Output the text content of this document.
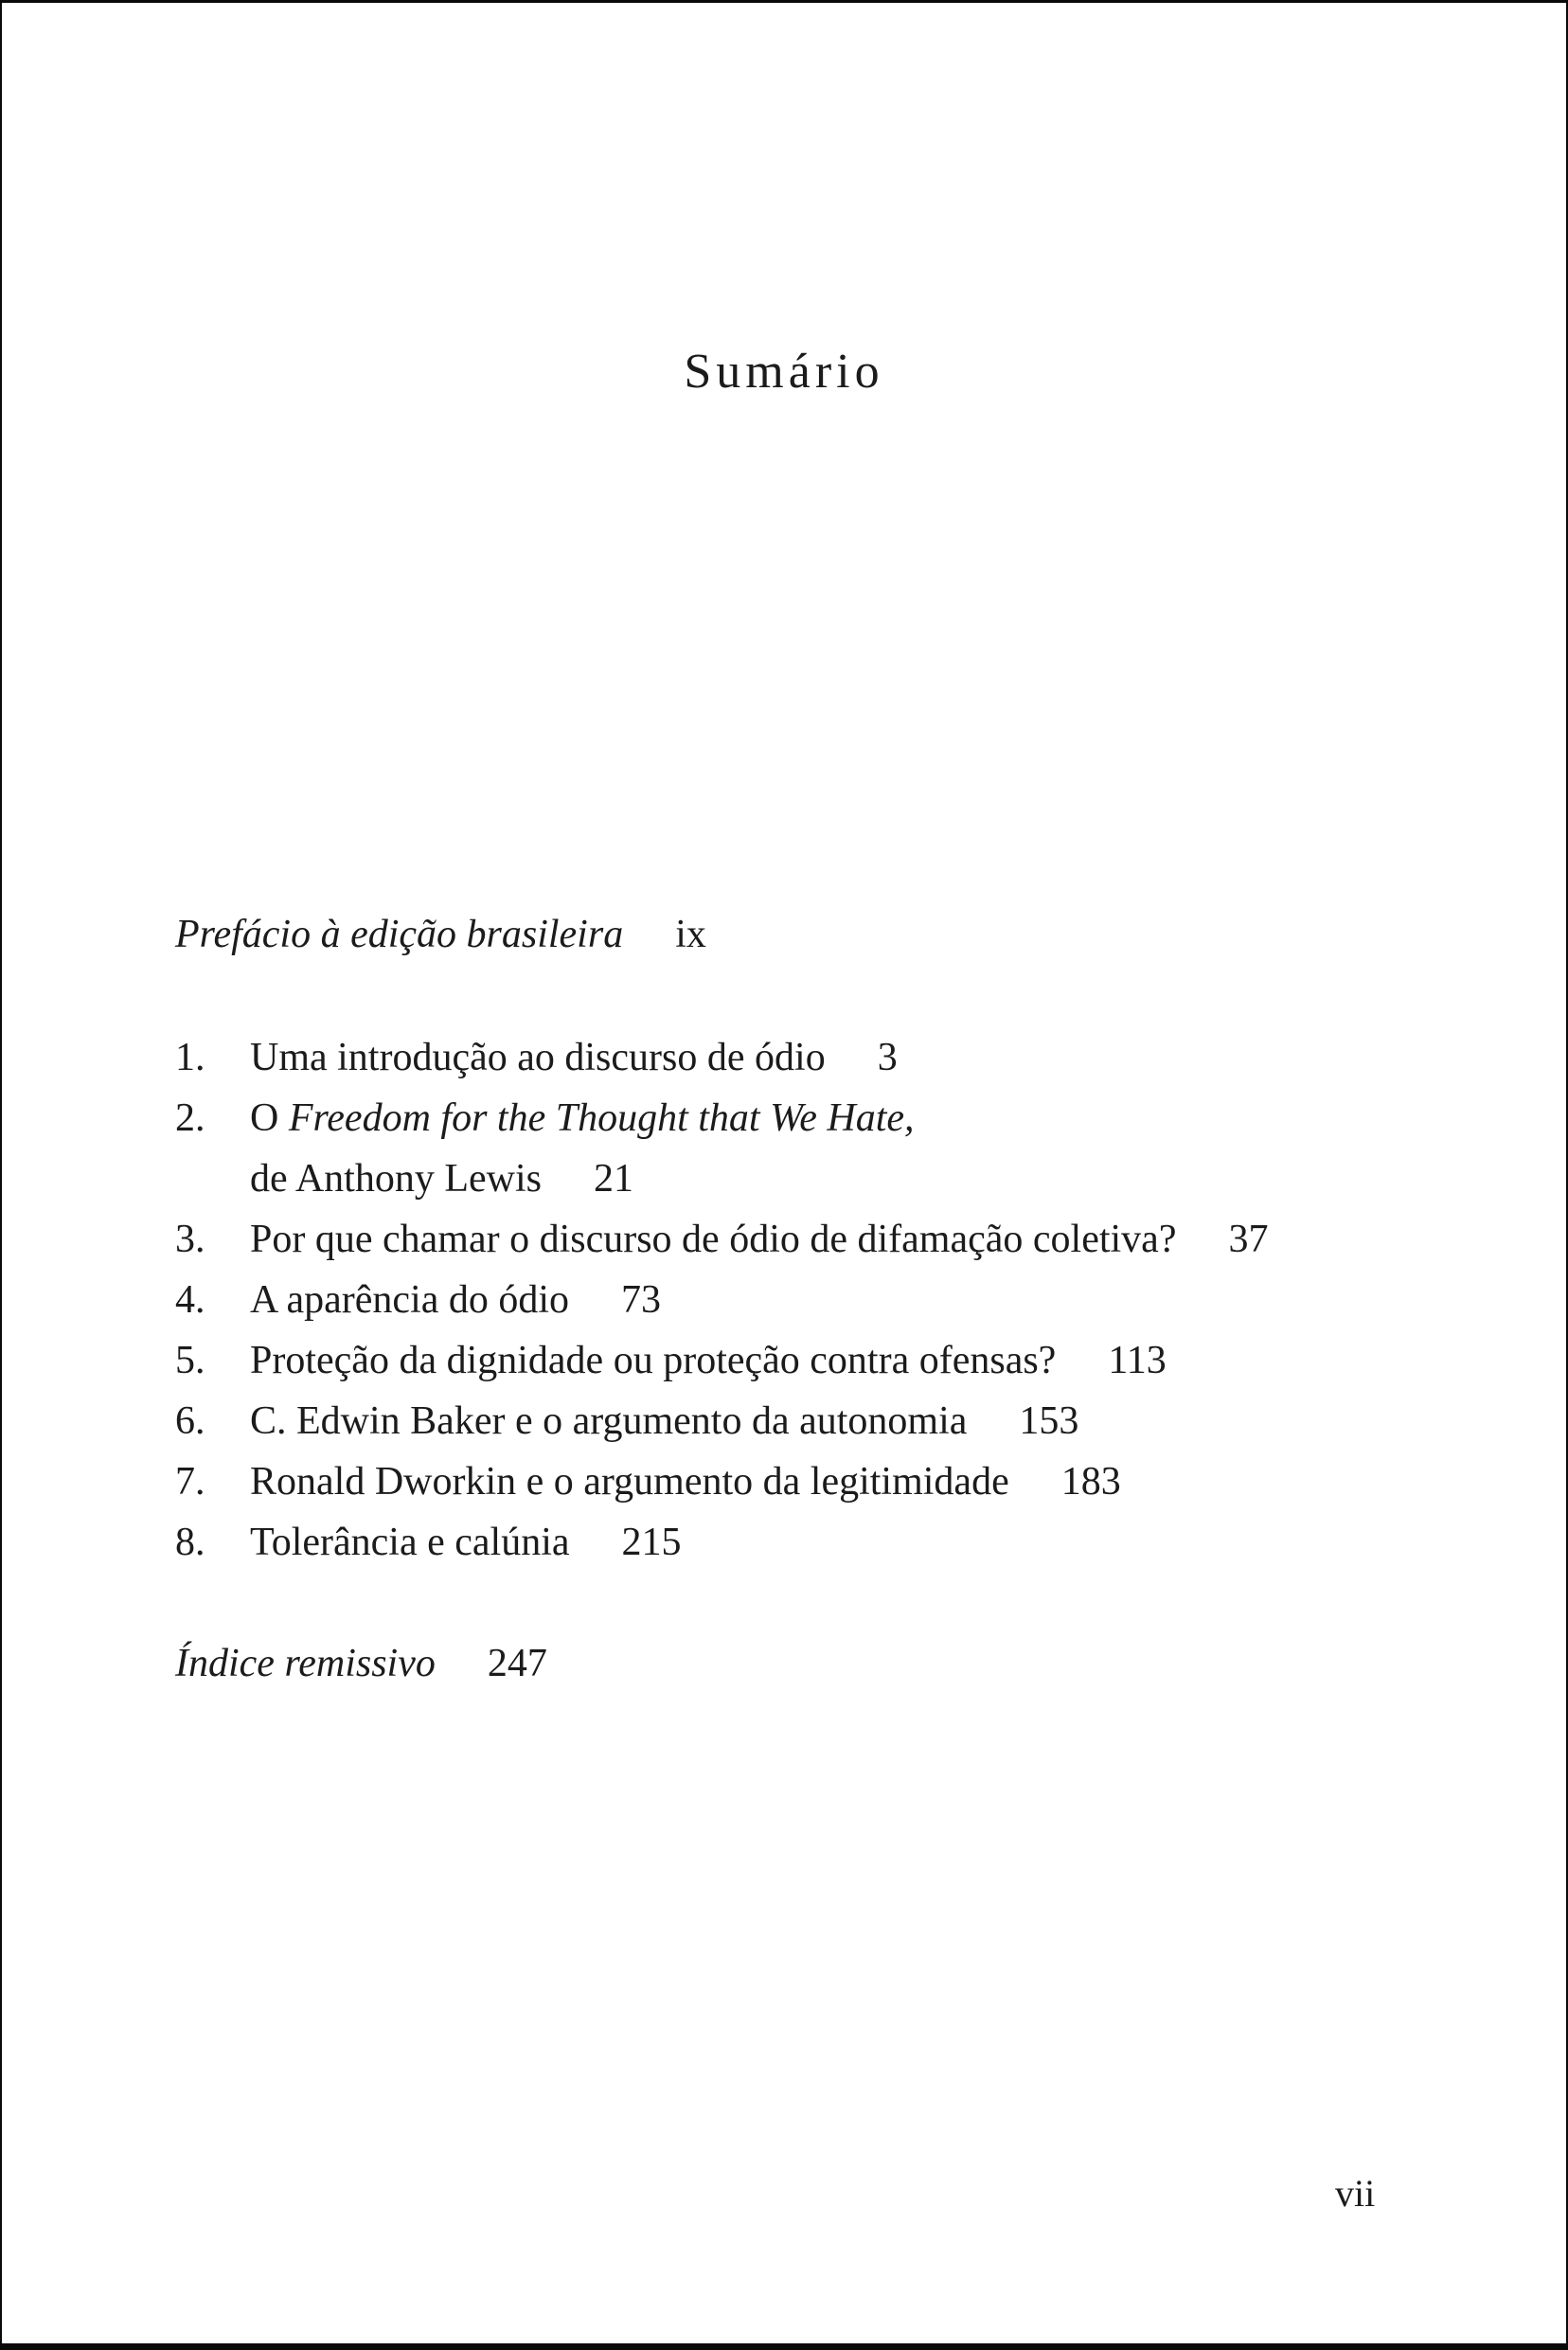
Sumário
Prefácio à edição brasileira ix
1.	Uma introdução ao discurso de ódio 3
2.	O Freedom for the Thought that We Hate,
de Anthony Lewis 21
3.	Por que chamar o discurso de ódio de difamação coletiva? 37
4.	A aparência do ódio 73
5.	Proteção da dignidade ou proteção contra ofensas? 113
6.	C. Edwin Baker e o argumento da autonomia 153
7.	Ronald Dworkin e o argumento da legitimidade 183
8.	Tolerância e calúnia 215
Índice remissivo 247
vii
